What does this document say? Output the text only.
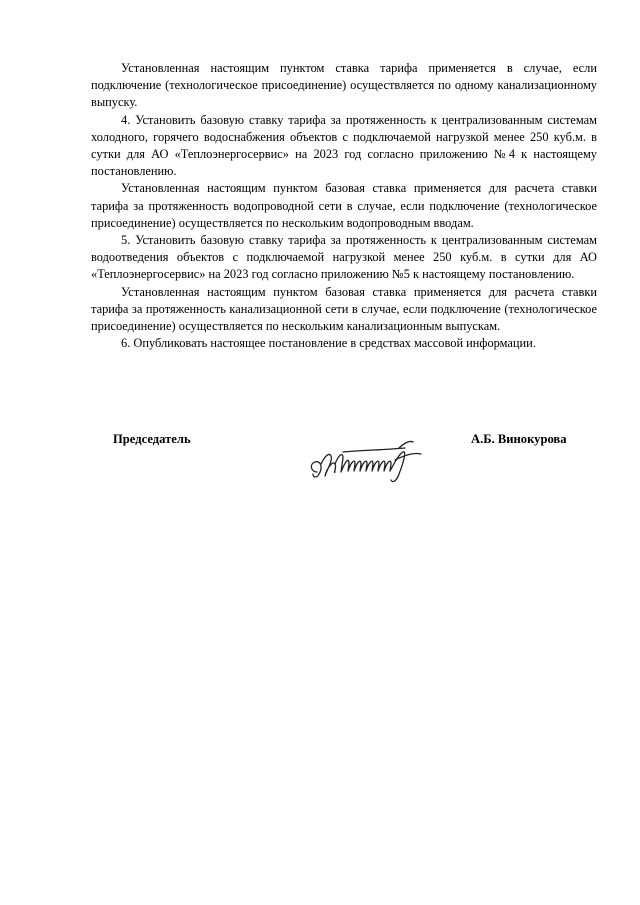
Установленная настоящим пунктом ставка тарифа применяется в случае, если подключение (технологическое присоединение) осуществляется по одному канализационному выпуску.

4. Установить базовую ставку тарифа за протяженность к централизованным системам холодного, горячего водоснабжения объектов с подключаемой нагрузкой менее 250 куб.м. в сутки для АО «Теплоэнергосервис» на 2023 год согласно приложению №4 к настоящему постановлению.

Установленная настоящим пунктом базовая ставка применяется для расчета ставки тарифа за протяженность водопроводной сети в случае, если подключение (технологическое присоединение) осуществляется по нескольким водопроводным вводам.

5. Установить базовую ставку тарифа за протяженность к централизованным системам водоотведения объектов с подключаемой нагрузкой менее 250 куб.м. в сутки для АО «Теплоэнергосервис» на 2023 год согласно приложению №5 к настоящему постановлению.

Установленная настоящим пунктом базовая ставка применяется для расчета ставки тарифа за протяженность канализационной сети в случае, если подключение (технологическое присоединение) осуществляется по нескольким канализационным выпускам.

6. Опубликовать настоящее постановление в средствах массовой информации.

Председатель	А.Б. Винокурова
